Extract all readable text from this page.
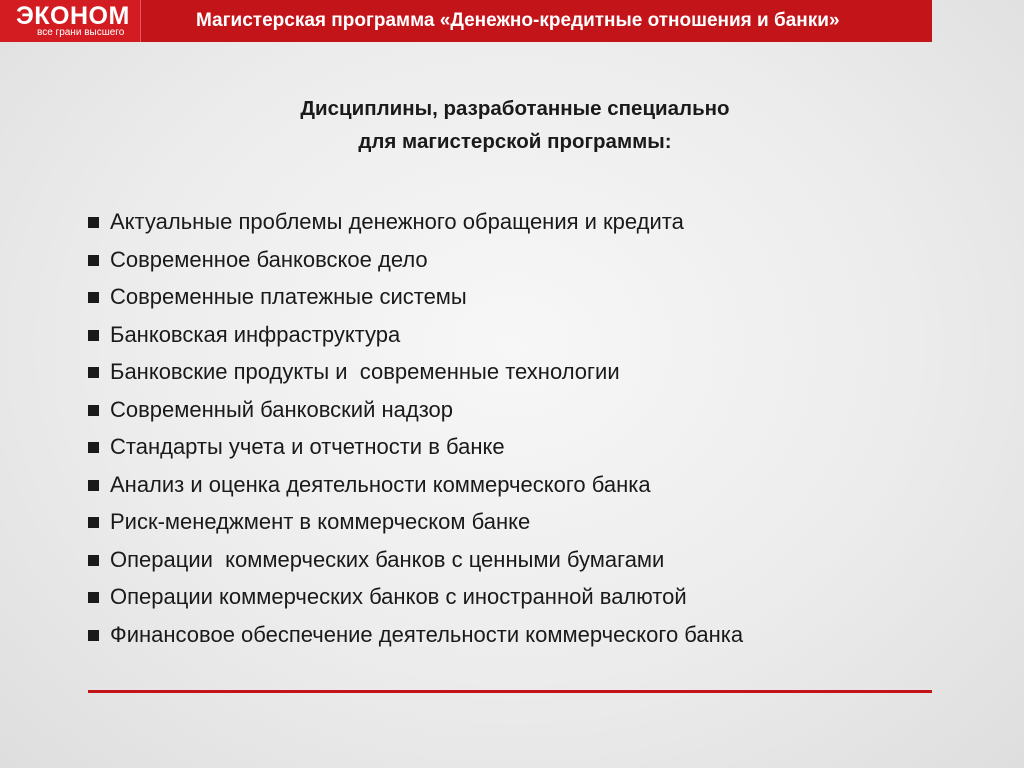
ЭКОНОМ
все грани высшего
Магистерская программа «Денежно-кредитные отношения и банки»
Дисциплины, разработанные специально
для магистерской программы:
Актуальные проблемы денежного обращения и кредита
Современное банковское дело
Современные платежные системы
Банковская инфраструктура
Банковские продукты и  современные технологии
Современный банковский надзор
Стандарты учета и отчетности в банке
Анализ и оценка деятельности коммерческого банка
Риск-менеджмент в коммерческом банке
Операции  коммерческих банков с ценными бумагами
Операции коммерческих банков с иностранной валютой
Финансовое обеспечение деятельности коммерческого банка
